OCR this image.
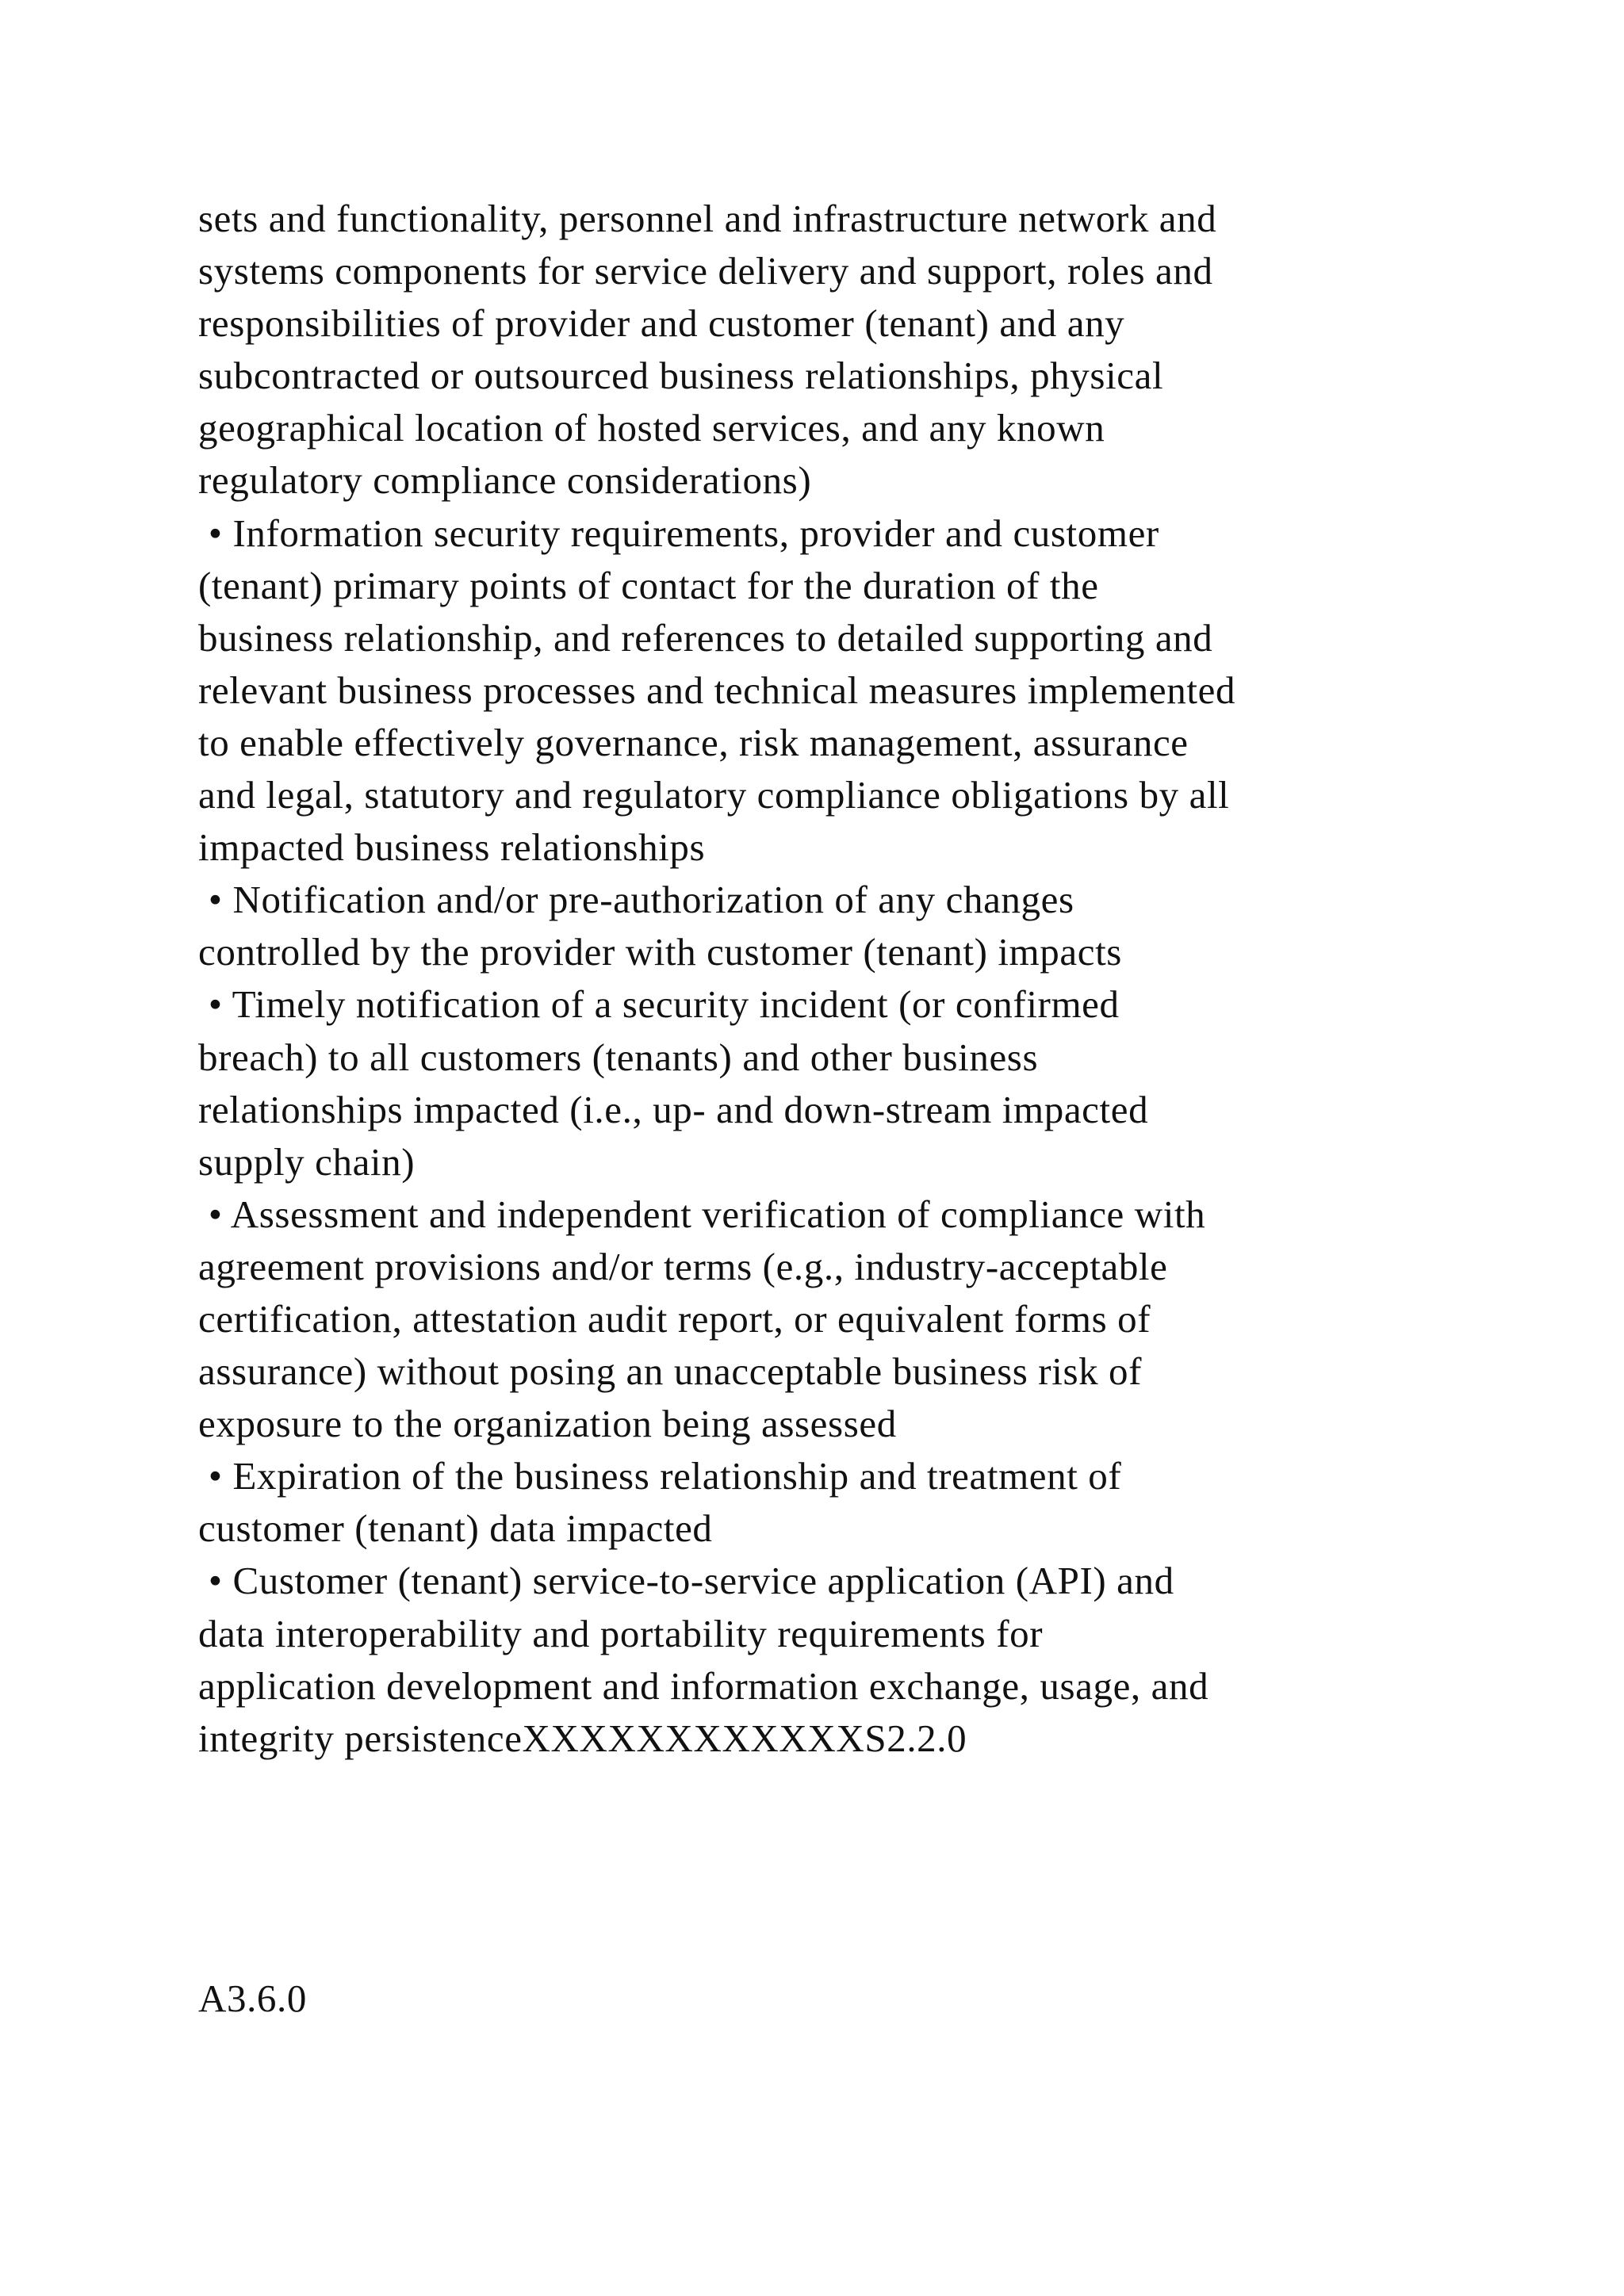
sets and functionality, personnel and infrastructure network and
systems components for service delivery and support, roles and
responsibilities of provider and customer (tenant) and any
subcontracted or outsourced business relationships, physical
geographical location of hosted services, and any known
regulatory compliance considerations)
• Information security requirements, provider and customer
(tenant) primary points of contact for the duration of the
business relationship, and references to detailed supporting and
relevant business processes and technical measures implemented
to enable effectively governance, risk management, assurance
and legal, statutory and regulatory compliance obligations by all
impacted business relationships
• Notification and/or pre-authorization of any changes
controlled by the provider with customer (tenant) impacts
• Timely notification of a security incident (or confirmed
breach) to all customers (tenants) and other business
relationships impacted (i.e., up- and down-stream impacted
supply chain)
• Assessment and independent verification of compliance with
agreement provisions and/or terms (e.g., industry-acceptable
certification, attestation audit report, or equivalent forms of
assurance) without posing an unacceptable business risk of
exposure to the organization being assessed
• Expiration of the business relationship and treatment of
customer (tenant) data impacted
• Customer (tenant) service-to-service application (API) and
data interoperability and portability requirements for
application development and information exchange, usage, and
integrity persistenceXXXXXXXXXXXXS2.2.0
A3.6.0
